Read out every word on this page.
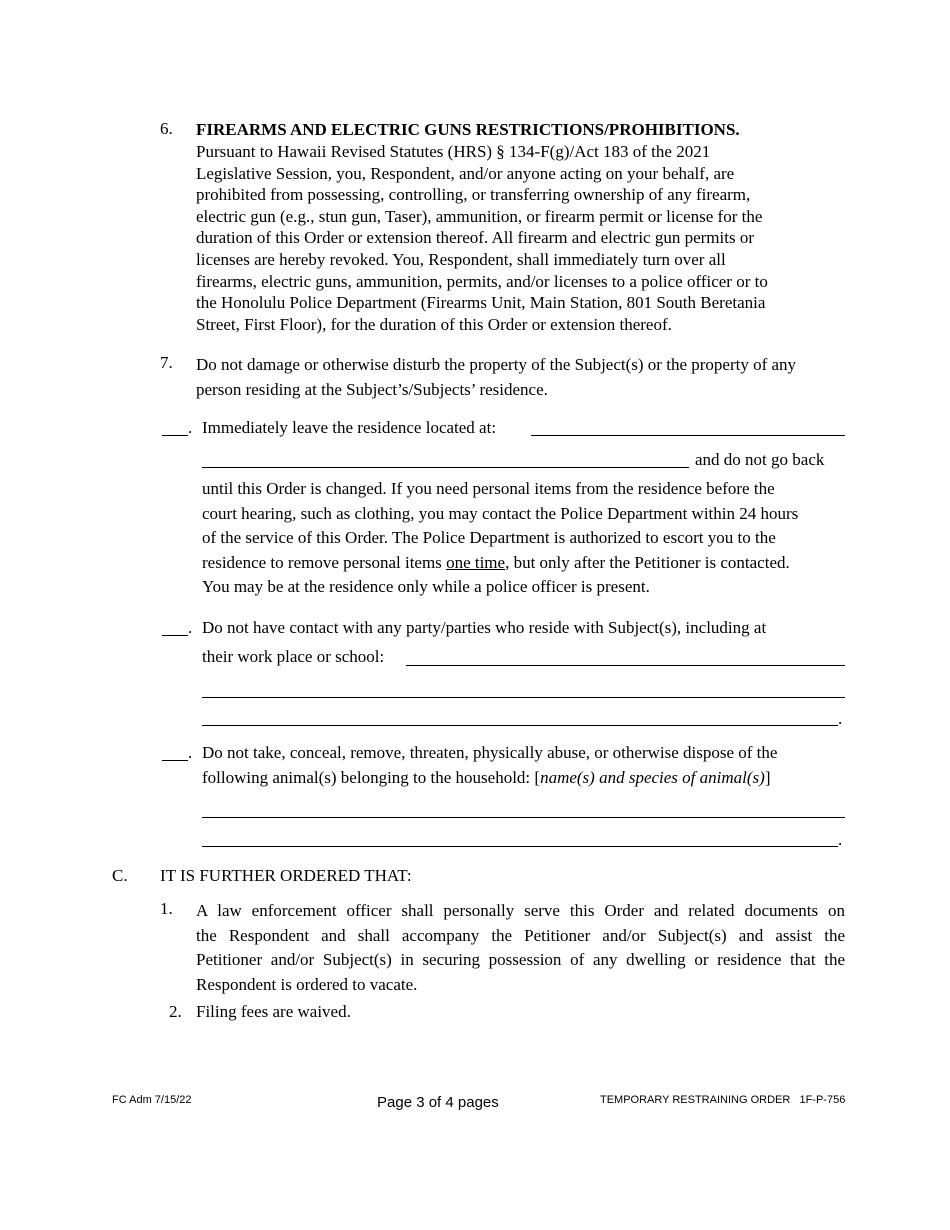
6. FIREARMS AND ELECTRIC GUNS RESTRICTIONS/PROHIBITIONS.
Pursuant to Hawaii Revised Statutes (HRS) § 134-F(g)/Act 183 of the 2021
Legislative Session, you, Respondent, and/or anyone acting on your behalf, are
prohibited from possessing, controlling, or transferring ownership of any firearm,
electric gun (e.g., stun gun, Taser), ammunition, or firearm permit or license for the
duration of this Order or extension thereof. All firearm and electric gun permits or
licenses are hereby revoked. You, Respondent, shall immediately turn over all
firearms, electric guns, ammunition, permits, and/or licenses to a police officer or to
the Honolulu Police Department (Firearms Unit, Main Station, 801 South Beretania
Street, First Floor), for the duration of this Order or extension thereof.
7. Do not damage or otherwise disturb the property of the Subject(s) or the property of any
person residing at the Subject’s/Subjects’ residence.
. Immediately leave the residence located at:
and do not go back
until this Order is changed. If you need personal items from the residence before the
court hearing, such as clothing, you may contact the Police Department within 24 hours
of the service of this Order. The Police Department is authorized to escort you to the
residence to remove personal items one time, but only after the Petitioner is contacted.
You may be at the residence only while a police officer is present.
. Do not have contact with any party/parties who reside with Subject(s), including at
their work place or school:
.
. Do not take, conceal, remove, threaten, physically abuse, or otherwise dispose of the
following animal(s) belonging to the household: [name(s) and species of animal(s)]
.
C. IT IS FURTHER ORDERED THAT:
1. A law enforcement officer shall personally serve this Order and related documents on
the Respondent and shall accompany the Petitioner and/or Subject(s) and assist the
Petitioner and/or Subject(s) in securing possession of any dwelling or residence that the
Respondent is ordered to vacate.
2. Filing fees are waived.
FC Adm 7/15/22	Page 3 of 4 pages	TEMPORARY RESTRAINING ORDER   1F-P-756
